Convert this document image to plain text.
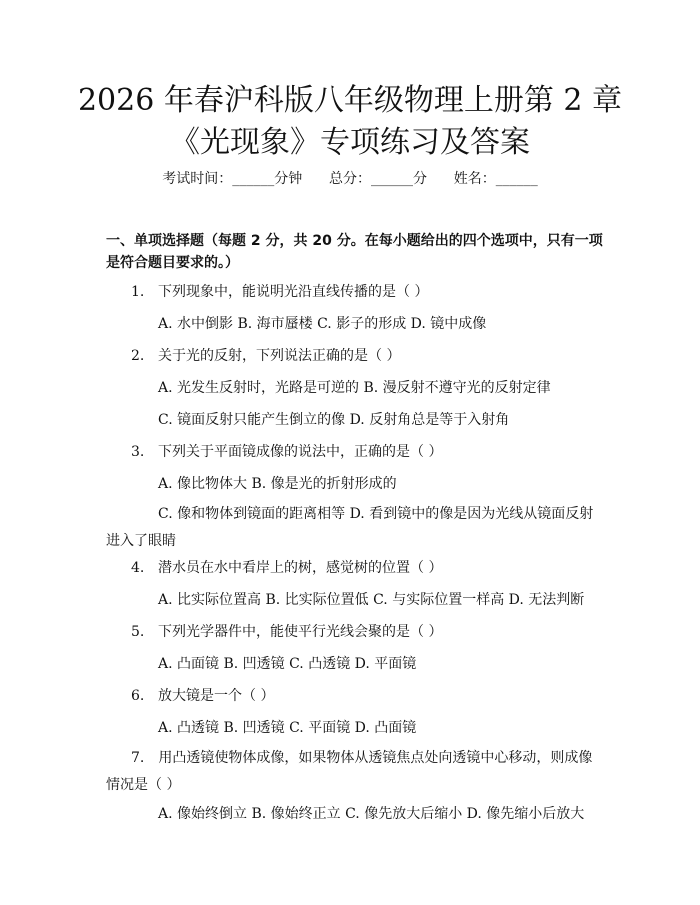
2026 年春沪科版八年级物理上册第 2 章《光现象》专项练习及答案
考试时间：______分钟 总分：______分 姓名：______
一、单项选择题（每题 2 分，共 20 分。在每小题给出的四个选项中，只有一项是符合题目要求的。）
1. 下列现象中，能说明光沿直线传播的是（ ）
A. 水中倒影 B. 海市蜃楼 C. 影子的形成 D. 镜中成像
2. 关于光的反射，下列说法正确的是（ ）
A. 光发生反射时，光路是可逆的 B. 漫反射不遵守光的反射定律
C. 镜面反射只能产生倒立的像 D. 反射角总是等于入射角
3. 下列关于平面镜成像的说法中，正确的是（ ）
A. 像比物体大 B. 像是光的折射形成的
C. 像和物体到镜面的距离相等 D. 看到镜中的像是因为光线从镜面反射进入了眼睛
4. 潜水员在水中看岸上的树，感觉树的位置（ ）
A. 比实际位置高 B. 比实际位置低 C. 与实际位置一样高 D. 无法判断
5. 下列光学器件中，能使平行光线会聚的是（ ）
A. 凸面镜 B. 凹透镜 C. 凸透镜 D. 平面镜
6. 放大镜是一个（ ）
A. 凸透镜 B. 凹透镜 C. 平面镜 D. 凸面镜
7.  用凸透镜使物体成像，如果物体从透镜焦点处向透镜中心移动，则成像情况是（ ）
A. 像始终倒立 B. 像始终正立 C. 像先放大后缩小 D. 像先缩小后放大
